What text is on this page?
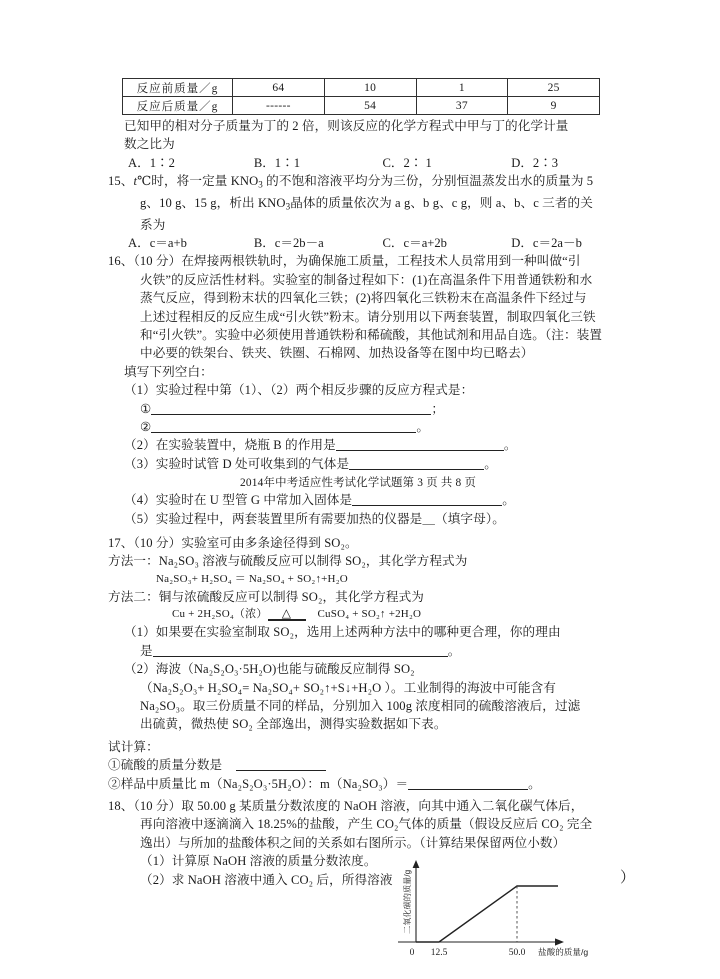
反应前质量／g	64	10	1	25
反应后质量／g	------	54	37	9
已知甲的相对分子质量为丁的 2 倍，则该反应的化学方程式中甲与丁的化学计量
数之比为
A．1∶2	B．1∶1	C．2∶ 1	D．2∶3
15、t℃时，将一定量 $KNO_3$ 的不饱和溶液平均分为三份，分别恒温蒸发出水的质量为 5
g、10 g、15 g，析出 $KNO_3$晶体的质量依次为 a g、b g、c g，则 a、b、c 三者的关
系为
A．c＝a+b	B．c＝2b－a	C．c＝a+2b	D．c＝2a－b
16、（10 分）在焊接两根铁轨时，为确保施工质量，工程技术人员常用到一种叫做“引
火铁”的反应活性材料。实验室的制备过程如下：(1)在高温条件下用普通铁粉和水
蒸气反应，得到粉末状的四氧化三铁；(2)将四氧化三铁粉末在高温条件下经过与
上述过程相反的反应生成“引火铁”粉末。请分别用以下两套装置，制取四氧化三铁
和“引火铁”。实验中必须使用普通铁粉和稀硫酸，其他试剂和用品自选。（注：装置
中必要的铁架台、铁夹、铁圈、石棉网、加热设备等在图中均已略去）
填写下列空白：
（1）实验过程中第（1）、（2）两个相反步骤的反应方程式是：
①	；
②	。
（2）在实验装置中，烧瓶 B 的作用是	。
（3）实验时试管 D 处可收集到的气体是	。
2014年中考适应性考试化学试题第 3 页 共 8 页
（4）实验时在 U 型管 G 中常加入固体是	。
（5）实验过程中，两套装置里所有需要加热的仪器是＿（填字母）。
17、（10 分）实验室可由多条途径得到 SO₂。
方法一：Na₂SO₃ 溶液与硫酸反应可以制得 SO₂，其化学方程式为
Na₂SO₃+ H₂SO₄ ＝ Na₂SO₄ + SO₂↑+H₂O
方法二：铜与浓硫酸反应可以制得 SO₂，其化学方程式为
Cu + 2H₂SO₄（浓） △ CuSO₄ + SO₂↑ +2H₂O
（1）如果要在实验室制取 SO₂，选用上述两种方法中的哪种更合理，你的理由
是	。
（2）海波（Na₂S₂O₃·5H₂O)也能与硫酸反应制得 SO₂
（Na₂S₂O₃+ H₂SO₄= Na₂SO₄+ SO₂↑+S↓+H₂O ）。工业制得的海波中可能含有
Na₂SO₃。取三份质量不同的样品，分别加入 100g 浓度相同的硫酸溶液后，过滤
出硫黄，微热使 SO₂ 全部逸出，测得实验数据如下表。
试计算：
①硫酸的质量分数是
②样品中质量比 m（Na₂S₂O₃·5H₂O）：m（Na₂SO₃）＝	。
18、（10 分）取 50.00 g 某质量分数浓度的 NaOH 溶液，向其中通入二氧化碳气体后，
再向溶液中逐滴滴入 18.25%的盐酸，产生 CO₂气体的质量（假设反应后 CO₂ 完全
逸出）与所加的盐酸体积之间的关系如右图所示。（计算结果保留两位小数）
（1）计算原 NaOH 溶液的质量分数浓度。
（2）求 NaOH 溶液中通入 CO₂ 后，所得溶液	）
0 12.5	50.0 盐酸的质量/g
二氧化碳的质量/g
